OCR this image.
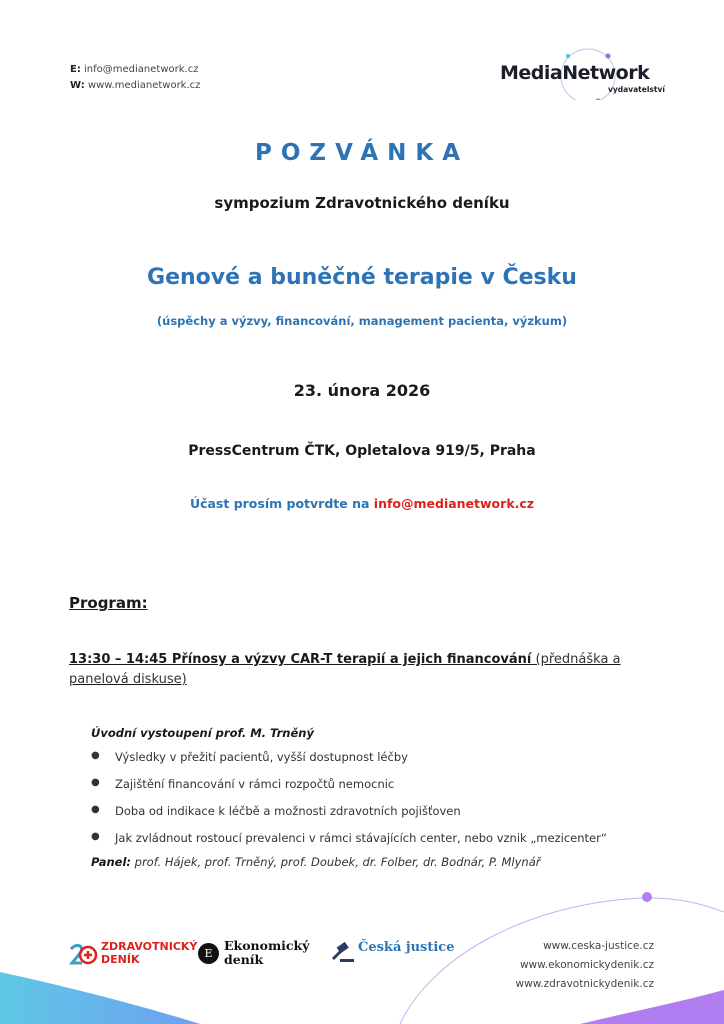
E: info@medianetwork.cz
W: www.medianetwork.cz
MediaNetwork
vydavatelství
POZVÁNKA
sympozium Zdravotnického deníku
Genové a buněčné terapie v Česku
(úspěchy a výzvy, financování, management pacienta, výzkum)
23. února 2026
PressCentrum ČTK, Opletalova 919/5, Praha
Účast prosím potvrdte na info@medianetwork.cz
Program:
13:30 – 14:45 Přínosy a výzvy CAR-T terapií a jejich financování (přednáška a panelová diskuse)
Úvodní vystoupení prof. M. Trněný
●	Výsledky v přežití pacientů, vyšší dostupnost léčby
●	Zajištění financování v rámci rozpočtů nemocnic
●	Doba od indikace k léčbě a možnosti zdravotních pojišťoven
●	Jak zvládnout rostoucí prevalenci v rámci stávajících center, nebo vznik „mezicenter“
Panel: prof. Hájek, prof. Trněný, prof. Doubek, dr. Folber, dr. Bodnár, P. Mlynář
ZDRAVOTNICKÝ
DENÍK	E
Ekonomický
deník
Česká justice	www.ceska-justice.cz
www.ekonomickydenik.cz
www.zdravotnickydenik.cz
